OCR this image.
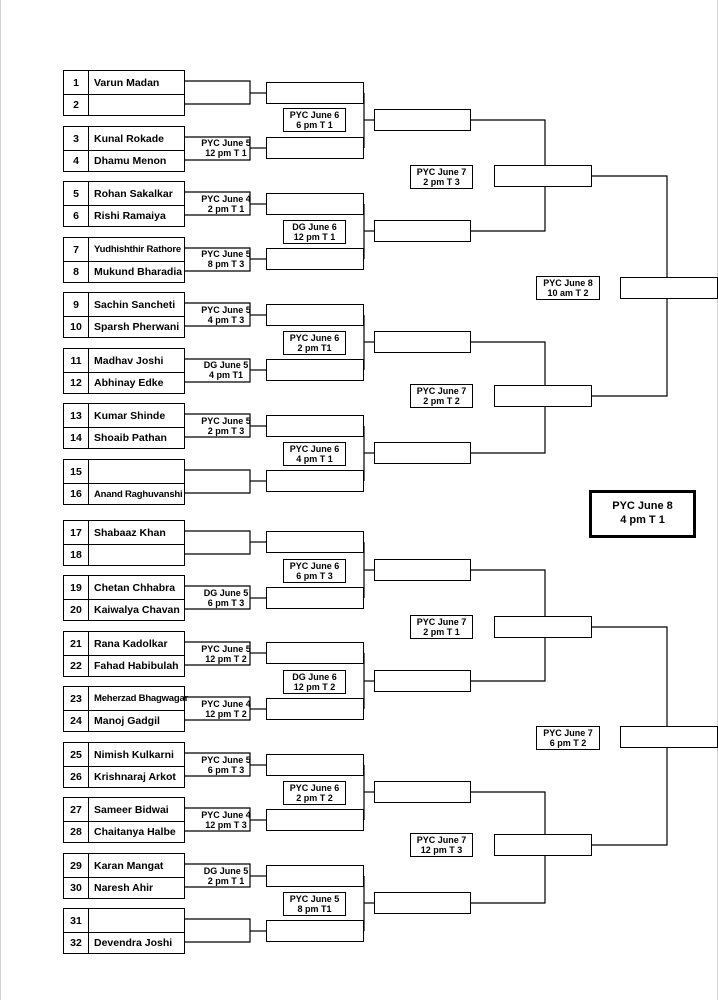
1	Varun Madan
2
3	Kunal Rokade
4	Dhamu Menon
5	Rohan Sakalkar
6	Rishi Ramaiya
7	Yudhishthir Rathore
8	Mukund Bharadia
9	Sachin Sancheti
10	Sparsh Pherwani
11	Madhav Joshi
12	Abhinay Edke
13	Kumar Shinde
14	Shoaib Pathan
15
16	Anand Raghuvanshi
17	Shabaaz Khan
18
19	Chetan Chhabra
20	Kaiwalya Chavan
21	Rana Kadolkar
22	Fahad Habibulah
23	Meherzad Bhagwagar
24	Manoj Gadgil
25	Nimish Kulkarni
26	Krishnaraj Arkot
27	Sameer Bidwai
28	Chaitanya Halbe
29	Karan Mangat
30	Naresh Ahir
31
32	Devendra Joshi
PYC June 5
12 pm T 1
PYC June 4
2 pm T 1
PYC June 5
8 pm T 3
PYC June 5
4 pm T 3
DG June 5
4 pm T1
PYC June 5
2 pm T 3
DG June 5
6 pm T 3
PYC June 5
12 pm T 2
PYC June 4
12 pm T 2
PYC June 5
6 pm T 3
PYC June 4
12 pm T 3
DG June 5
2 pm T 1
PYC June 6
6 pm T 1
DG June 6
12 pm T 1
PYC June 6
2 pm T1
PYC June 6
4 pm T 1
PYC June 6
6 pm T 3
DG June 6
12 pm T 2
PYC June 6
2 pm T 2
PYC June 5
8 pm T1
PYC June 7
2 pm T 3
PYC June 7
2 pm T 2
PYC June 7
2 pm T 1
PYC June 7
12 pm T 3
PYC June 8
10 am T 2
PYC June 7
6 pm T 2
PYC June 8
4 pm T 1
